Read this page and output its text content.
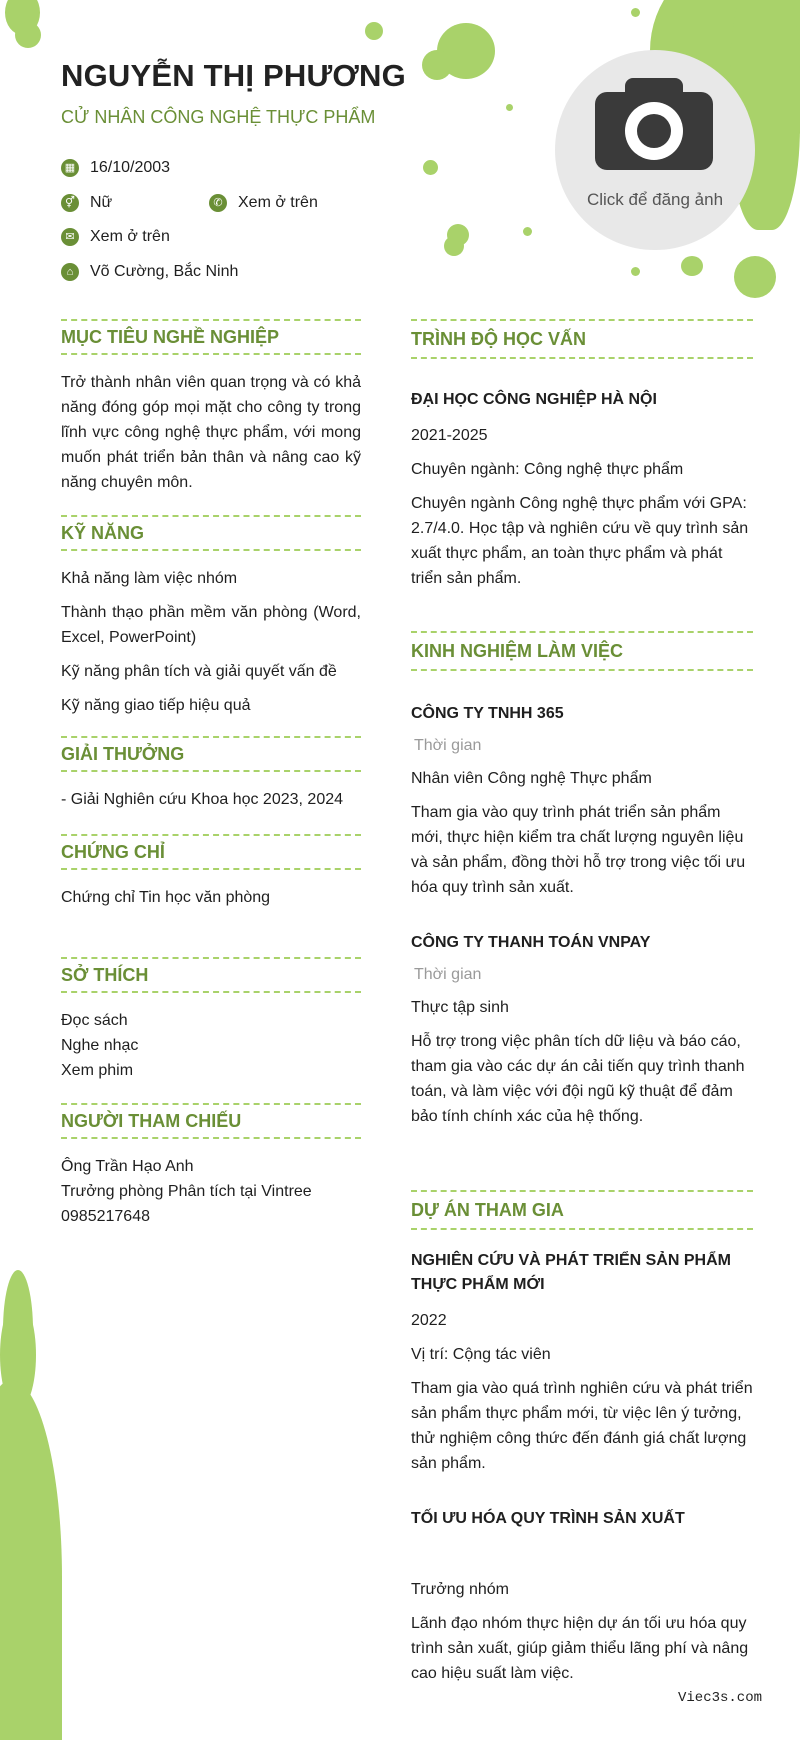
NGUYỄN THỊ PHƯƠNG
CỬ NHÂN CÔNG NGHỆ THỰC PHẨM
▦ 16/10/2003
⚥ Nữ	✆ Xem ở trên
✉ Xem ở trên
⌂	Võ Cường, Bắc Ninh
Click để đăng ảnh
MỤC TIÊU NGHỀ NGHIỆP
Trở thành nhân viên quan trọng và có khả năng đóng góp mọi mặt cho công ty trong lĩnh vực công nghệ thực phẩm, với mong muốn phát triển bản thân và nâng cao kỹ năng chuyên môn.
KỸ NĂNG
Khả năng làm việc nhóm
Thành thạo phần mềm văn phòng (Word, Excel, PowerPoint)
Kỹ năng phân tích và giải quyết vấn đề
Kỹ năng giao tiếp hiệu quả
GIẢI THƯỞNG
- Giải Nghiên cứu Khoa học 2023, 2024
CHỨNG CHỈ
Chứng chỉ Tin học văn phòng
SỞ THÍCH
Đọc sách
Nghe nhạc
Xem phim
NGƯỜI THAM CHIẾU
Ông Trần Hạo Anh
Trưởng phòng Phân tích tại Vintree
0985217648
TRÌNH ĐỘ HỌC VẤN
ĐẠI HỌC CÔNG NGHIỆP HÀ NỘI
2021-2025
Chuyên ngành: Công nghệ thực phẩm
Chuyên ngành Công nghệ thực phẩm với GPA: 2.7/4.0. Học tập và nghiên cứu về quy trình sản xuất thực phẩm, an toàn thực phẩm và phát triển sản phẩm.
KINH NGHIỆM LÀM VIỆC
CÔNG TY TNHH 365
Thời gian
Nhân viên Công nghệ Thực phẩm
Tham gia vào quy trình phát triển sản phẩm mới, thực hiện kiểm tra chất lượng nguyên liệu và sản phẩm, đồng thời hỗ trợ trong việc tối ưu hóa quy trình sản xuất.
CÔNG TY THANH TOÁN VNPAY
Thời gian
Thực tập sinh
Hỗ trợ trong việc phân tích dữ liệu và báo cáo, tham gia vào các dự án cải tiến quy trình thanh toán, và làm việc với đội ngũ kỹ thuật để đảm bảo tính chính xác của hệ thống.
DỰ ÁN THAM GIA
NGHIÊN CỨU VÀ PHÁT TRIỂN SẢN PHẨM THỰC PHẨM MỚI
2022
Vị trí: Cộng tác viên
Tham gia vào quá trình nghiên cứu và phát triển sản phẩm thực phẩm mới, từ việc lên ý tưởng, thử nghiệm công thức đến đánh giá chất lượng sản phẩm.
TỐI ƯU HÓA QUY TRÌNH SẢN XUẤT
Trưởng nhóm
Lãnh đạo nhóm thực hiện dự án tối ưu hóa quy trình sản xuất, giúp giảm thiểu lãng phí và nâng cao hiệu suất làm việc.
Viec3s.com
